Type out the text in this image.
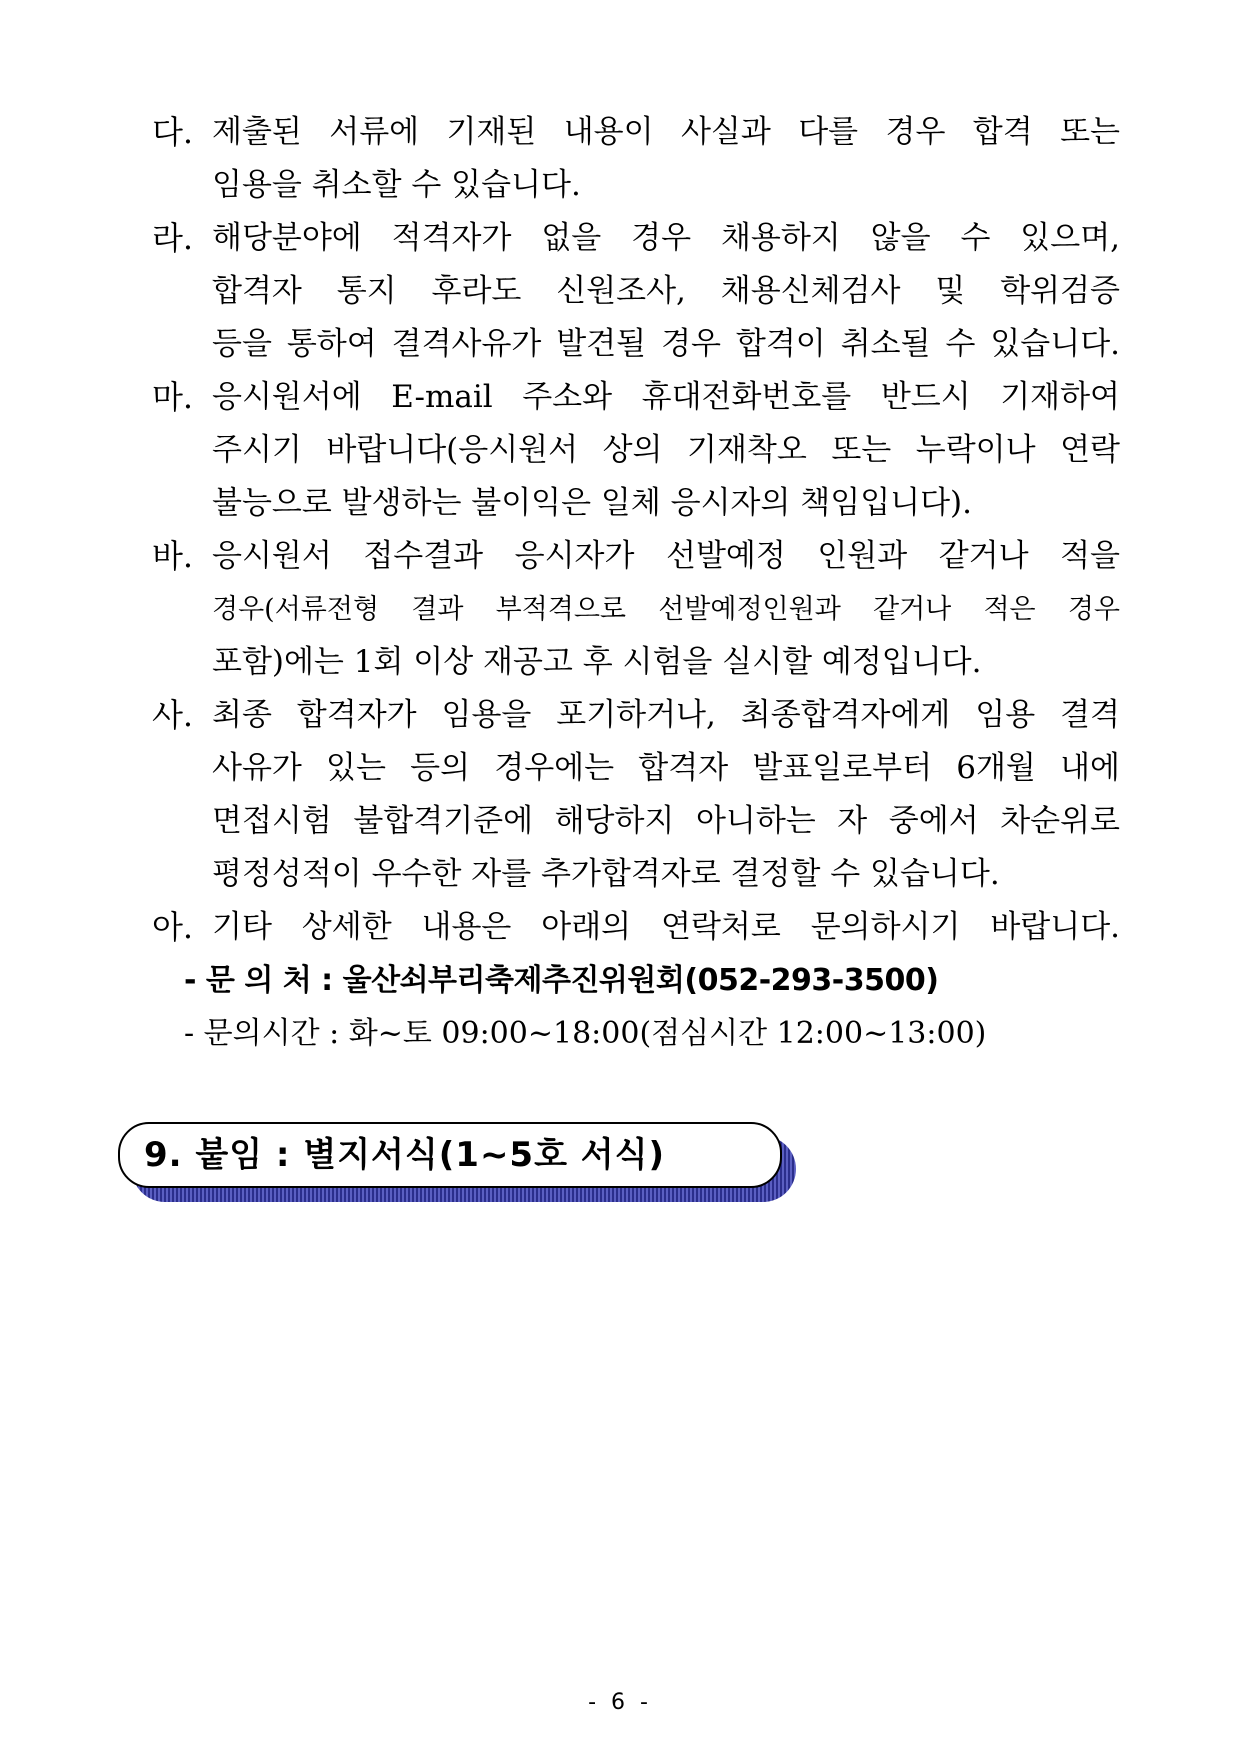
다. 제출된 서류에 기재된 내용이 사실과 다를 경우 합격 또는
임용을 취소할 수 있습니다.
라. 해당분야에 적격자가 없을 경우 채용하지 않을 수 있으며,
합격자 통지 후라도 신원조사, 채용신체검사 및 학위검증
등을 통하여 결격사유가 발견될 경우 합격이 취소될 수 있습니다.
마. 응시원서에 E-mail 주소와 휴대전화번호를 반드시 기재하여
주시기 바랍니다(응시원서 상의 기재착오 또는 누락이나 연락
불능으로 발생하는 불이익은 일체 응시자의 책임입니다).
바. 응시원서 접수결과 응시자가 선발예정 인원과 같거나 적을
경우(서류전형 결과 부적격으로 선발예정인원과 같거나 적은 경우
포함)에는 1회 이상 재공고 후 시험을 실시할 예정입니다.
사. 최종 합격자가 임용을 포기하거나, 최종합격자에게 임용 결격
사유가 있는 등의 경우에는 합격자 발표일로부터 6개월 내에
면접시험 불합격기준에 해당하지 아니하는 자 중에서 차순위로
평정성적이 우수한 자를 추가합격자로 결정할 수 있습니다.
아. 기타 상세한 내용은 아래의 연락처로 문의하시기 바랍니다.
- 문 의 처 : 울산쇠부리축제추진위원회(052-293-3500)
- 문의시간 : 화~토 09:00~18:00(점심시간 12:00~13:00)
9. 붙임 : 별지서식(1~5호 서식)
- 6 -
